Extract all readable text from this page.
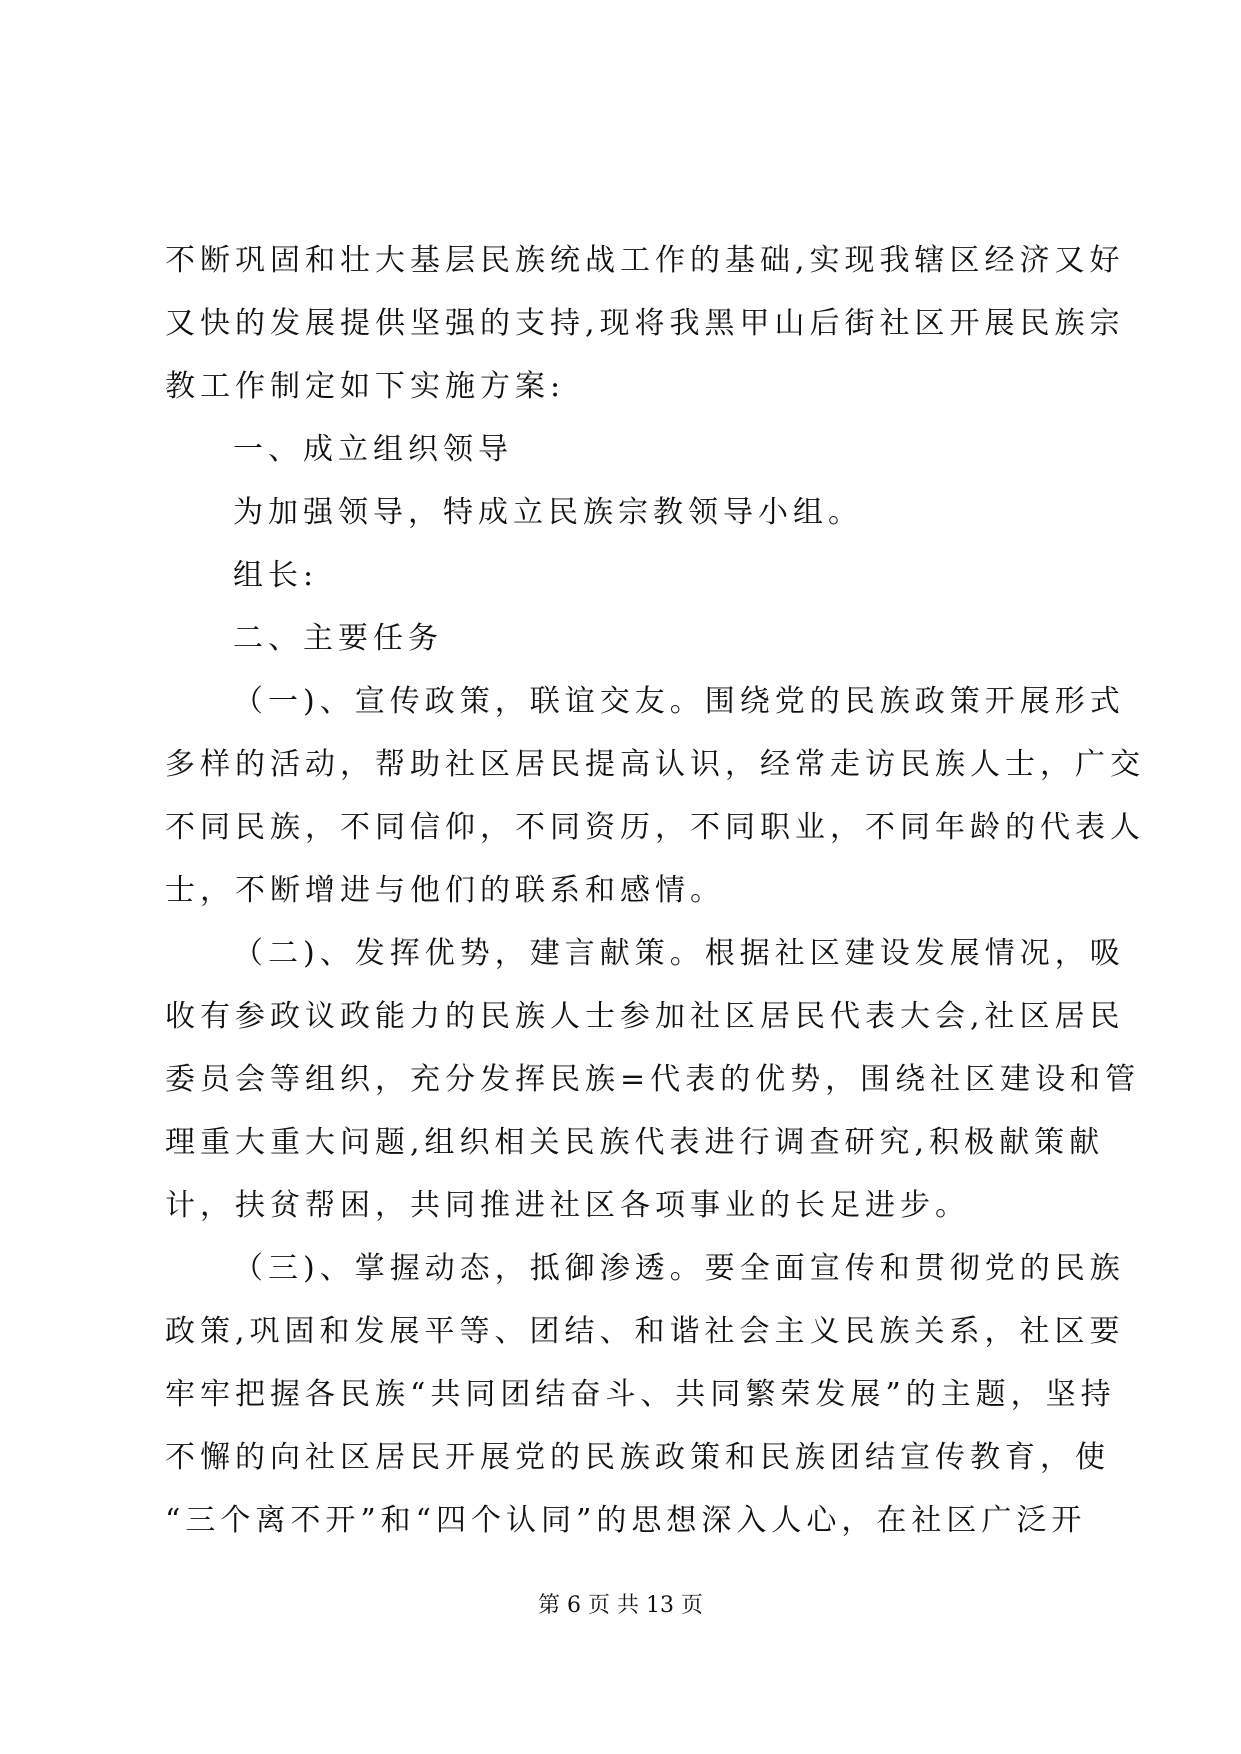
不断巩固和壮大基层民族统战工作的基础,实现我辖区经济又好
又快的发展提供坚强的支持,现将我黑甲山后街社区开展民族宗
教工作制定如下实施方案:
一、成立组织领导
为加强领导，特成立民族宗教领导小组。
组长:
二、主要任务
（一)、宣传政策，联谊交友。围绕党的民族政策开展形式
多样的活动，帮助社区居民提高认识，经常走访民族人士，广交
不同民族，不同信仰，不同资历，不同职业，不同年龄的代表人
士，不断增进与他们的联系和感情。
（二)、发挥优势，建言献策。根据社区建设发展情况，吸
收有参政议政能力的民族人士参加社区居民代表大会,社区居民
委员会等组织，充分发挥民族=代表的优势，围绕社区建设和管
理重大重大问题,组织相关民族代表进行调查研究,积极献策献
计，扶贫帮困，共同推进社区各项事业的长足进步。
（三)、掌握动态，抵御渗透。要全面宣传和贯彻党的民族
政策,巩固和发展平等、团结、和谐社会主义民族关系，社区要
牢牢把握各民族“共同团结奋斗、共同繁荣发展”的主题，坚持
不懈的向社区居民开展党的民族政策和民族团结宣传教育，使
“三个离不开”和“四个认同”的思想深入人心，在社区广泛开
第 6 页 共 13 页
